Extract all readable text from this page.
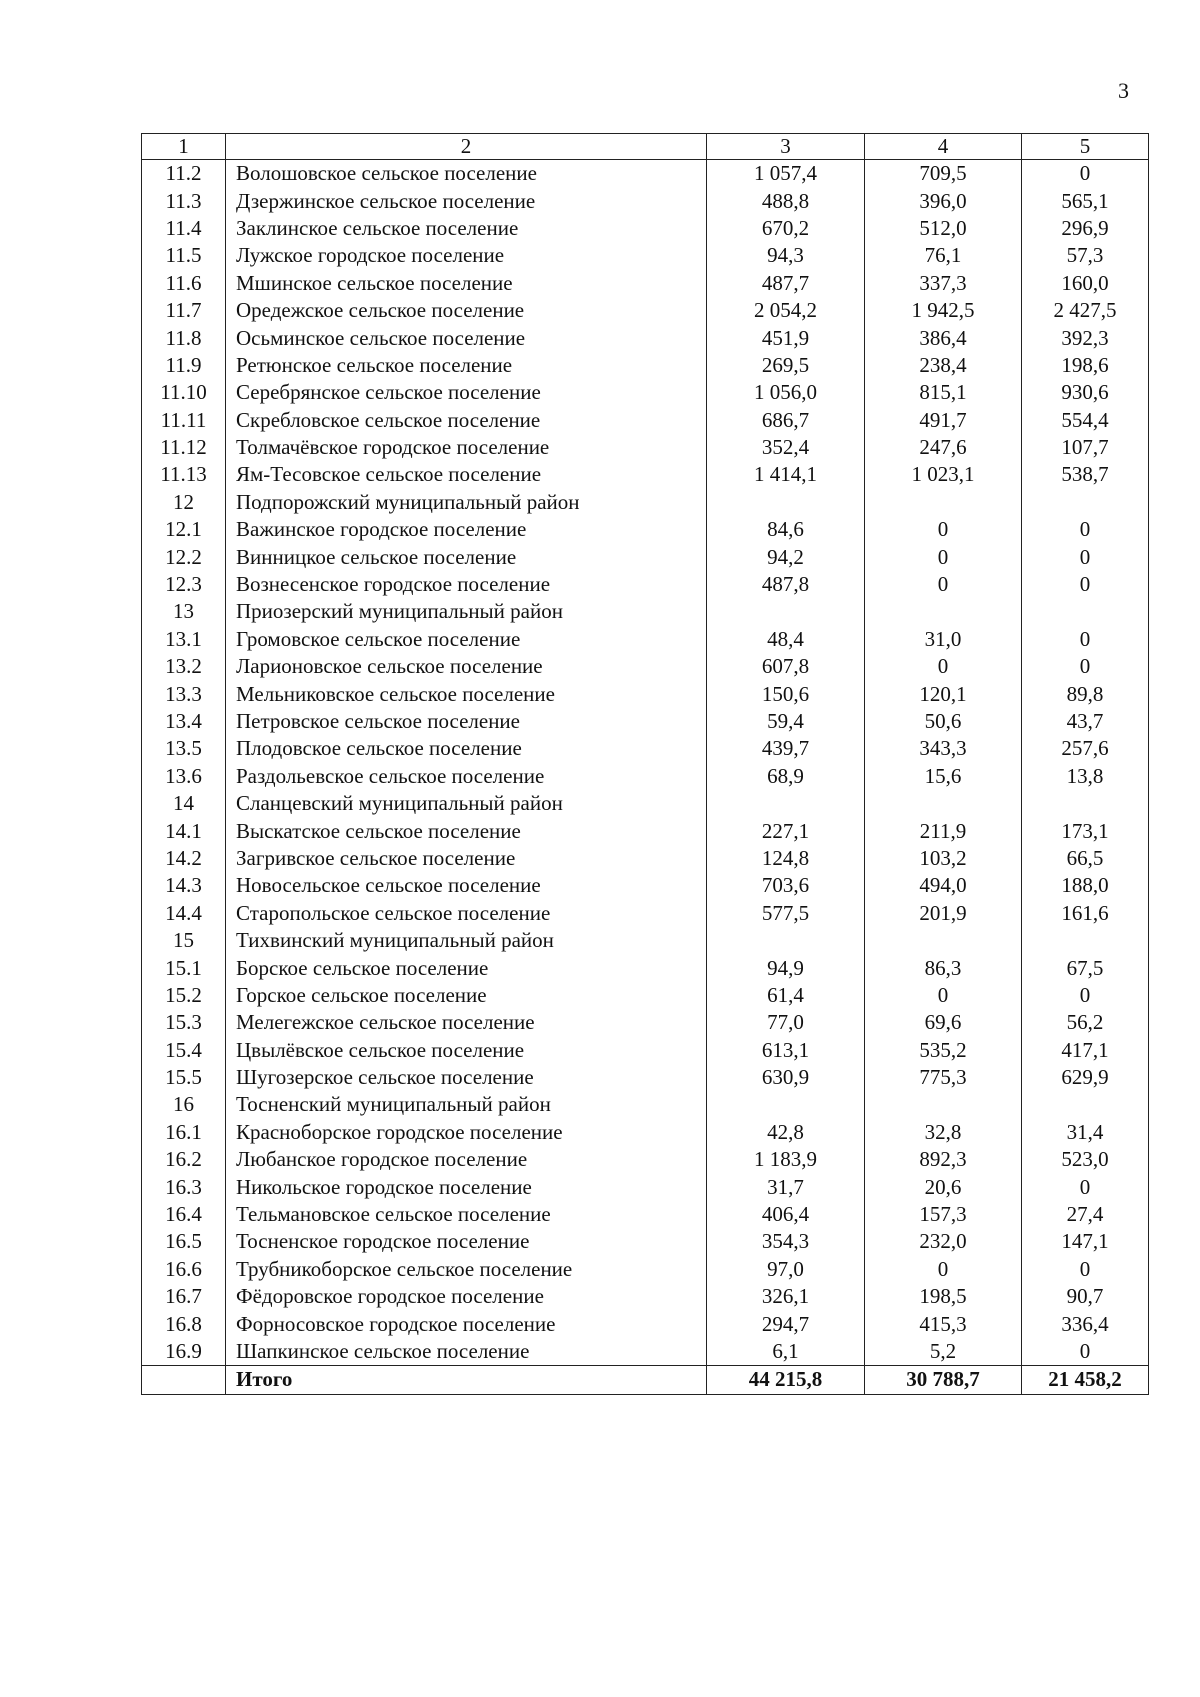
3
1	2	3	4	5
11.2	Волошовское сельское поселение	1 057,4	709,5	0
11.3	Дзержинское сельское поселение	488,8	396,0	565,1
11.4	Заклинское сельское поселение	670,2	512,0	296,9
11.5	Лужское городское поселение	94,3	76,1	57,3
11.6	Мшинское сельское поселение	487,7	337,3	160,0
11.7	Оредежское сельское поселение	2 054,2	1 942,5	2 427,5
11.8	Осьминское сельское поселение	451,9	386,4	392,3
11.9	Ретюнское сельское поселение	269,5	238,4	198,6
11.10	Серебрянское сельское поселение	1 056,0	815,1	930,6
11.11	Скребловское сельское поселение	686,7	491,7	554,4
11.12	Толмачёвское городское поселение	352,4	247,6	107,7
11.13	Ям-Тесовское сельское поселение	1 414,1	1 023,1	538,7
12	Подпорожский муниципальный район			
12.1	Важинское городское поселение	84,6	0	0
12.2	Винницкое сельское поселение	94,2	0	0
12.3	Вознесенское городское поселение	487,8	0	0
13	Приозерский муниципальный район			
13.1	Громовское сельское поселение	48,4	31,0	0
13.2	Ларионовское сельское поселение	607,8	0	0
13.3	Мельниковское сельское поселение	150,6	120,1	89,8
13.4	Петровское сельское поселение	59,4	50,6	43,7
13.5	Плодовское сельское поселение	439,7	343,3	257,6
13.6	Раздольевское сельское поселение	68,9	15,6	13,8
14	Сланцевский муниципальный район			
14.1	Выскатское сельское поселение	227,1	211,9	173,1
14.2	Загривское сельское поселение	124,8	103,2	66,5
14.3	Новосельское сельское поселение	703,6	494,0	188,0
14.4	Старопольское сельское поселение	577,5	201,9	161,6
15	Тихвинский муниципальный район			
15.1	Борское сельское поселение	94,9	86,3	67,5
15.2	Горское сельское поселение	61,4	0	0
15.3	Мелегежское сельское поселение	77,0	69,6	56,2
15.4	Цвылёвское сельское поселение	613,1	535,2	417,1
15.5	Шугозерское сельское поселение	630,9	775,3	629,9
16	Тосненский муниципальный район			
16.1	Красноборское городское поселение	42,8	32,8	31,4
16.2	Любанское городское поселение	1 183,9	892,3	523,0
16.3	Никольское городское поселение	31,7	20,6	0
16.4	Тельмановское сельское поселение	406,4	157,3	27,4
16.5	Тосненское городское поселение	354,3	232,0	147,1
16.6	Трубникоборское сельское поселение	97,0	0	0
16.7	Фёдоровское городское поселение	326,1	198,5	90,7
16.8	Форносовское городское поселение	294,7	415,3	336,4
16.9	Шапкинское сельское поселение	6,1	5,2	0
	Итого	44 215,8	30 788,7	21 458,2
